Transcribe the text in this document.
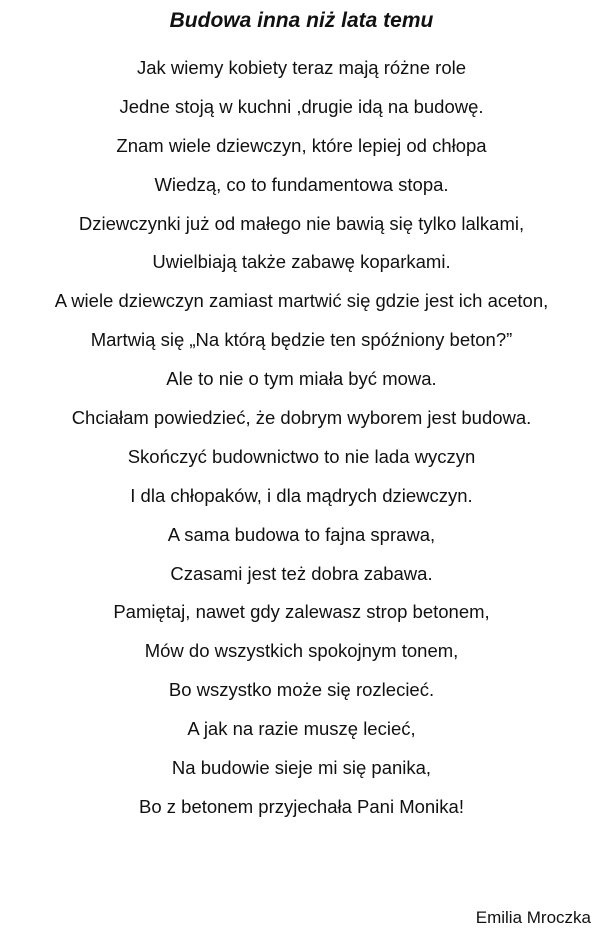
Budowa inna niż lata temu
Jak wiemy kobiety teraz mają różne role
Jedne stoją w kuchni ,drugie idą na budowę.
Znam wiele dziewczyn, które lepiej od chłopa
Wiedzą, co to fundamentowa stopa.
Dziewczynki już od małego nie bawią się tylko lalkami,
Uwielbiają także zabawę koparkami.
A wiele dziewczyn zamiast martwić się gdzie jest ich aceton,
Martwią się „Na którą będzie ten spóźniony beton?”
Ale to nie o tym miała być mowa.
Chciałam powiedzieć, że dobrym wyborem jest budowa.
Skończyć budownictwo to nie lada wyczyn
I dla chłopaków, i dla mądrych dziewczyn.
A sama budowa to fajna sprawa,
Czasami jest też dobra zabawa.
Pamiętaj, nawet gdy zalewasz strop betonem,
Mów do wszystkich spokojnym tonem,
Bo wszystko może się rozlecieć.
A jak na razie muszę lecieć,
Na budowie sieje mi się panika,
Bo z betonem przyjechała Pani Monika!
Emilia Mroczka
